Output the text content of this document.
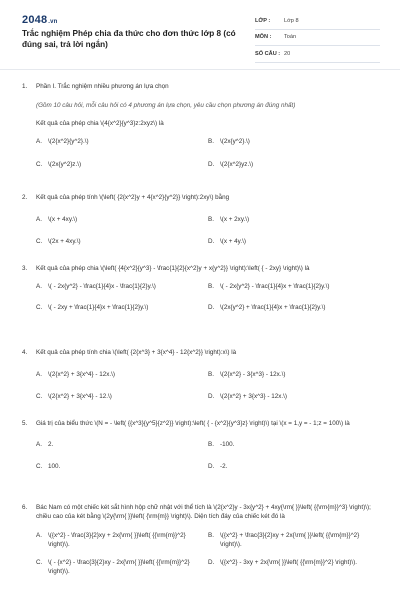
2048.vn
Trắc nghiệm Phép chia đa thức cho đơn thức lớp 8 (có đúng sai, trả lời ngắn)
LỚP :	Lớp 8
MÔN :	Toán
SỐ CÂU : 20
1. Phần I. Trắc nghiệm nhiều phương án lựa chọn
(Gồm 10 câu hỏi, mỗi câu hỏi có 4 phương án lựa chọn, yêu cầu chọn phương án đúng nhất)
Kết quả của phép chia \(4{x^2}{y^3}z:2xyz\) là
A. \(2{x^2}{y^2}.\)	B. \(2x{y^2}.\)
C. \(2x{y^2}z.\)	D. \(2{x^2}yz.\)
2. Kết quả của phép tính \(\left( {2{x^2}y + 4{x^2}{y^2}} \right):2xy\) bằng
A. \(x + 4xy.\)	B. \(x + 2xy.\)
C. \(2x + 4xy.\)	D. \(x + 4y.\)
3. Kết quả của phép chia \(\left( {4{x^2}{y^3} - \frac{1}{2}{x^2}y + x{y^2}} \right):\left( { - 2xy} \right)\) là
A. \( - 2x{y^2} - \frac{1}{4}x - \frac{1}{2}y.\)	B. \( - 2x{y^2} - \frac{1}{4}x + \frac{1}{2}y.\)
C. \( - 2xy + \frac{1}{4}x + \frac{1}{2}y.\)	D. \(2x{y^2} + \frac{1}{4}x + \frac{1}{2}y.\)
4. Kết quả của phép tính chia \(\left( {2{x^3} + 3{x^4} - 12{x^2}} \right):x\) là
A. \(2{x^2} + 3{x^4} - 12x.\)	B. \(2{x^2} - 3{x^3} - 12x.\)
C. \(2{x^2} + 3{x^4} - 12.\)	D. \(2{x^2} + 3{x^3} - 12x.\)
5. Giá trị của biểu thức \(N = - \left( {{x^3}{y^5}{z^2}} \right):\left( { - {x^2}{y^3}z} \right)\) tại \(x = 1,y = - 1;z = 100\) là
A. 2.	B. -100.
C. 100.	D. -2.
6. Bác Nam có một chiếc két sắt hình hộp chữ nhật với thể tích là \(2{x^2}y - 3x{y^2} + 4xy{\rm{ }}\left( {{\rm{m}}^3} \right)\); chiều cao của két bằng \(2y{\rm{ }}\left( {\rm{m}} \right)\). Diện tích đáy của chiếc két đó là
A. \({x^2} - \frac{3}{2}xy + 2x{\rm{ }}\left( {{\rm{m}}^2} \right)\).
B. \({x^2} + \frac{3}{2}xy + 2x{\rm{ }}\left( {{\rm{m}}^2} \right)\).
C. \( - {x^2} - \frac{3}{2}xy - 2x{\rm{ }}\left( {{\rm{m}}^2} \right)\).
D. \({x^2} - 3xy + 2x{\rm{ }}\left( {{\rm{m}}^2} \right)\).
